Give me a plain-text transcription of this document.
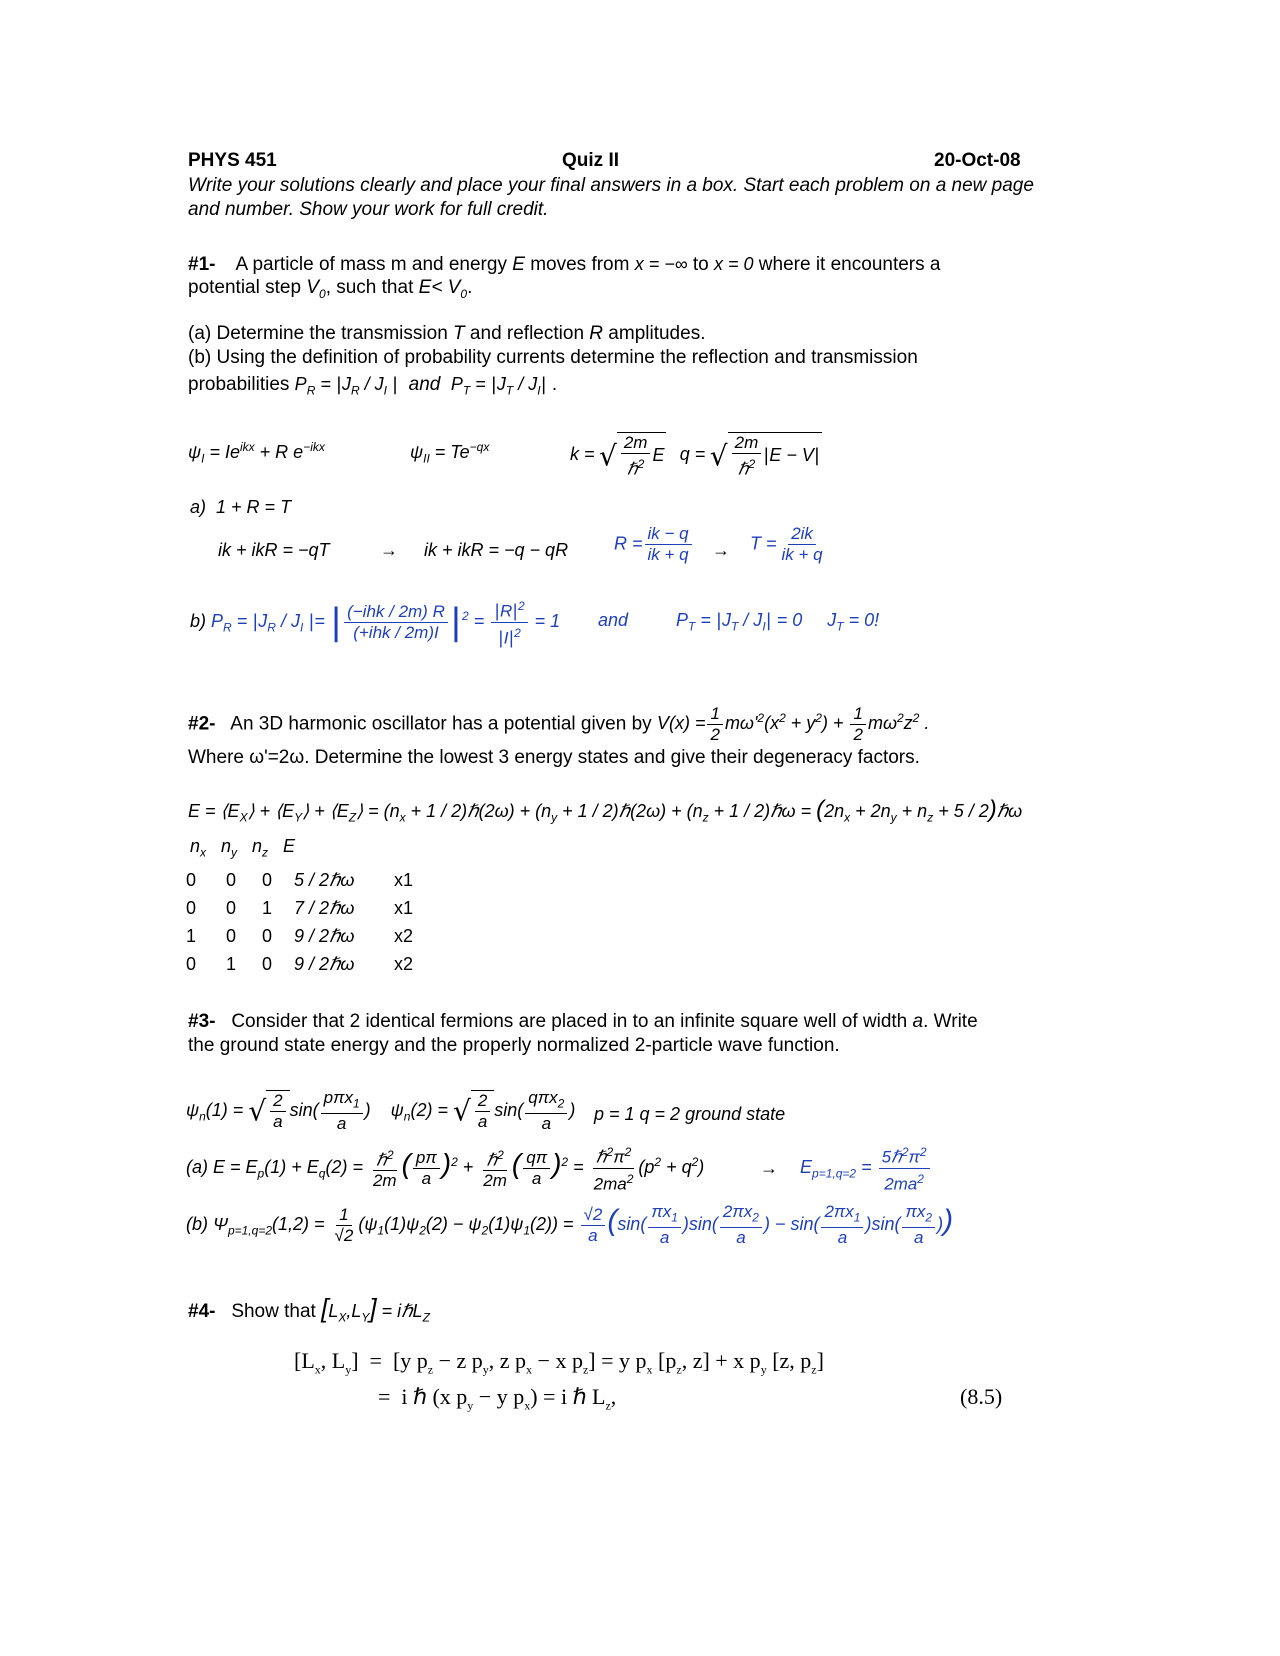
PHYS 451	Quiz II	20-Oct-08
Write your solutions clearly and place your final answers in a box. Start each problem on a new page and number. Show your work for full credit.
#1- A particle of mass m and energy E moves from x = −∞ to x = 0 where it encounters a
potential step $V_0$, such that $E< V_0$.
(a) Determine the transmission T and reflection R amplitudes.
(b) Using the definition of probability currents determine the reflection and transmission
probabilities $P_R = |J_R / J_I$ | and $P_T = |J_T / J_I|$ .
$\psi_I = Ie^{ikx} + R$ $e^{-ikx}$	$\psi_{II} = Te^{-qx}$	k = √ $\frac{2m}{\hbar^2}$ E q = √ $\frac{2m}{\hbar^2} |E - V|$
a) 1 + R = T
ik + ikR = −qT	→ ik + ikR = −q − qR	$R = \frac{ik - q}{ik + q} \to T = \frac{2ik}{ik + q}$
b) $P_R = |J_R / J_I$ |= | $\frac{\text{(−ihk / 2m) R}}{\text{(+ihk / 2m)I}} |^2 = \frac{|R|^2}{|I|^2} = 1$ and	$P_T = |J_T / J_I| = 0$ $J_T = 0$!
#2- An 3D harmonic oscillator has a potential given by $V(x) = \frac{1}{2} m\omega'^2(x^2 + y^2) + \frac{1}{2} m\omega^2z^2$ .
Where ω'=2ω. Determine the lowest 3 energy states and give their degeneracy factors.
$E = ⟨E_X⟩$ + $⟨E_Y⟩$ + $⟨E_Z⟩ = (n_x + 1$ / 2)ℏ(2ω) + ($n_y + 1$ / 2)ℏ(2ω) + ($n_z + 1$ / 2)ℏω = ($2n_x + 2n_y + n_z + 5$ / 2)ℏω
$n_x$   $n_y$   $n_z$   E
0	0	0	5 / 2ℏω	x1
0	0	1	7 / 2ℏω	x1
1	0	0	9 / 2ℏω	x2
0	1	0	9 / 2ℏω	x2
#3- Consider that 2 identical fermions are placed in to an infinite square well of width a. Write
the ground state energy and the properly normalized 2-particle wave function.
$\psi_n(1)$ = √ $\frac{2}{a} \sin( \frac{p\pi x_1}{a}$ )    $\psi_n(2)$ = √ $\frac{2}{a} \sin( \frac{q\pi x_2}{a}$ ) p = 1 q = 2 ground state
(a) $E = E_p(1) + E_q(2) = \frac{\hbar^2}{2m}$ ( $\frac{p\pi}{a} )^2 + \frac{\hbar^2}{2m}$ ( $\frac{q\pi}{a} )^2 = \frac{\hbar^2\pi^2}{2ma^2} (p^2 + q^2)$	→ $E_{p=1,q=2} = \frac{5\hbar^2\pi^2}{2ma^2}$
(b) $\Psi_{p=1,q=2}(1,2) = \frac{1}{√2} (\psi_1(1)\psi_2(2) - \psi_2(1)\psi_1(2)) = \frac{√2}{a} (\sin( \frac{\pi x_1}{a} )\sin( \frac{2\pi x_2}{a}$ ) − $\sin( \frac{2\pi x_1}{a} )\sin( \frac{\pi x_2}{a}$ ))
#4- Show that $[L_X,L_Y]$ = iℏL$_Z$
[$L_x$, $L_y] = [y$ $p_z - z$ $p_y$, z $p_x - x$ $p_z] = y$ $p_x$ [$p_z$, z] + x $p_y$ [z, $p_z$]
=  i ℏ (x $p_y - y$ $p_x) = i$ ℏ $L_z$,	(8.5)
